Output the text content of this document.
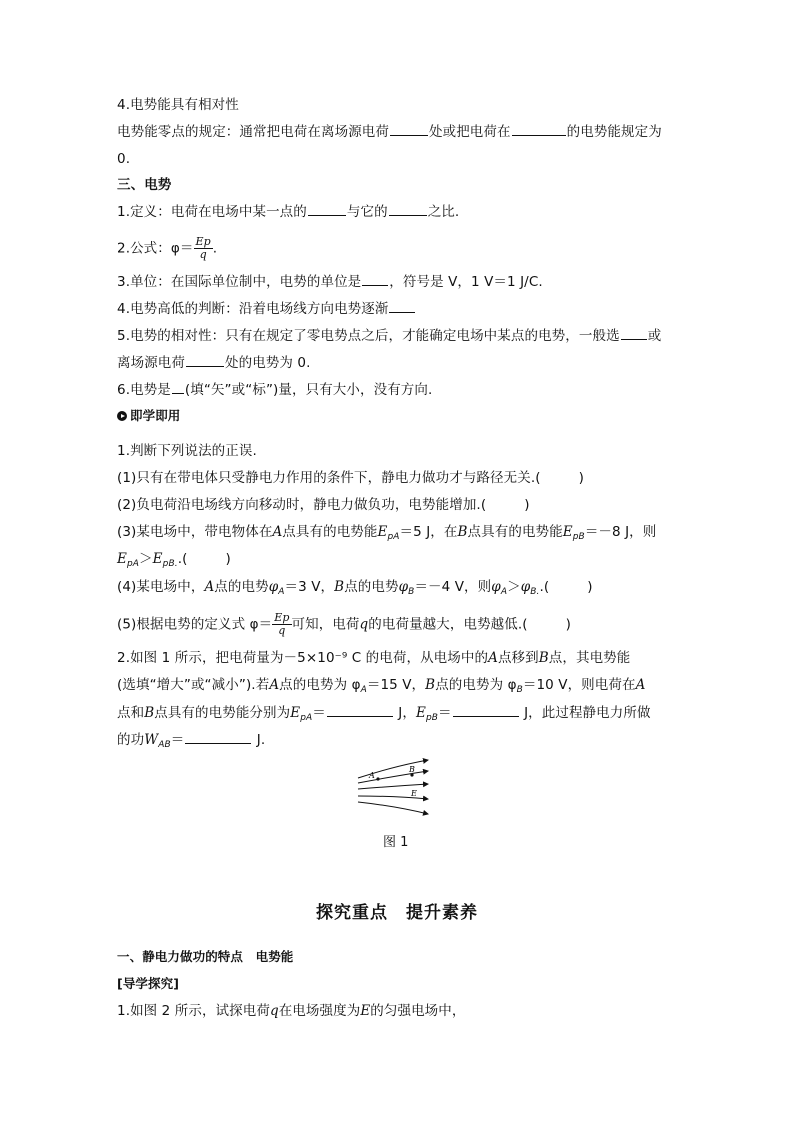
4.电势能具有相对性
电势能零点的规定：通常把电荷在离场源电荷	处或把电荷在	的电势能规定为
0.
三、电势
1.定义：电荷在电场中某一点的	与它的	之比.
2.公式：$\varphi= \frac{Ep}{q}$ .
3.单位：在国际单位制中，电势的单位是 ，符号是 V，1 V＝1 J/C.
4.电势高低的判断：沿着电场线方向电势逐渐
5.电势的相对性：只有在规定了零电势点之后，才能确定电场中某点的电势，一般选 或
离场源电荷	处的电势为 0.
6.电势是 (填“矢”或“标”)量，只有大小，没有方向.
即学即用
1.判断下列说法的正误.
(1)只有在带电体只受静电力作用的条件下，静电力做功才与路径无关.(	)
(2)负电荷沿电场线方向移动时，静电力做负功，电势能增加.(	)
(3)某电场中，带电物体在A点具有的电势能$E_{pA}=5$ J，在B点具有的电势能$E_{pB}=-8$ J，则
$E_{pA}>E_{pB.}$.(	)
(4)某电场中，A点的电势$\varphi_A=3$ V，B点的电势$\varphi_B=-4$ V，则$\varphi_A>\varphi_{B.}$.(	)
(5)根据电势的定义式 $\varphi= \frac{Ep}{q}$ 可知，电荷q的电荷量越大，电势越低.(	)
2.如图 1 所示，把电荷量为－5×10⁻⁹ C 的电荷，从电场中的A点移到B点，其电势能
(选填“增大”或“减小”).若A点的电势为 $\varphi_A=15$ V，B点的电势为 $\varphi_B=10$ V，则电荷在A
点和B点具有的电势能分别为$E_{pA}=$	J，$E_{pB}=$	J，此过程静电力所做
的功$W_{AB}=$	J.
A
B
E
图 1
探究重点　提升素养
一、静电力做功的特点　电势能
[导学探究]
1.如图 2 所示，试探电荷q在电场强度为E的匀强电场中，
